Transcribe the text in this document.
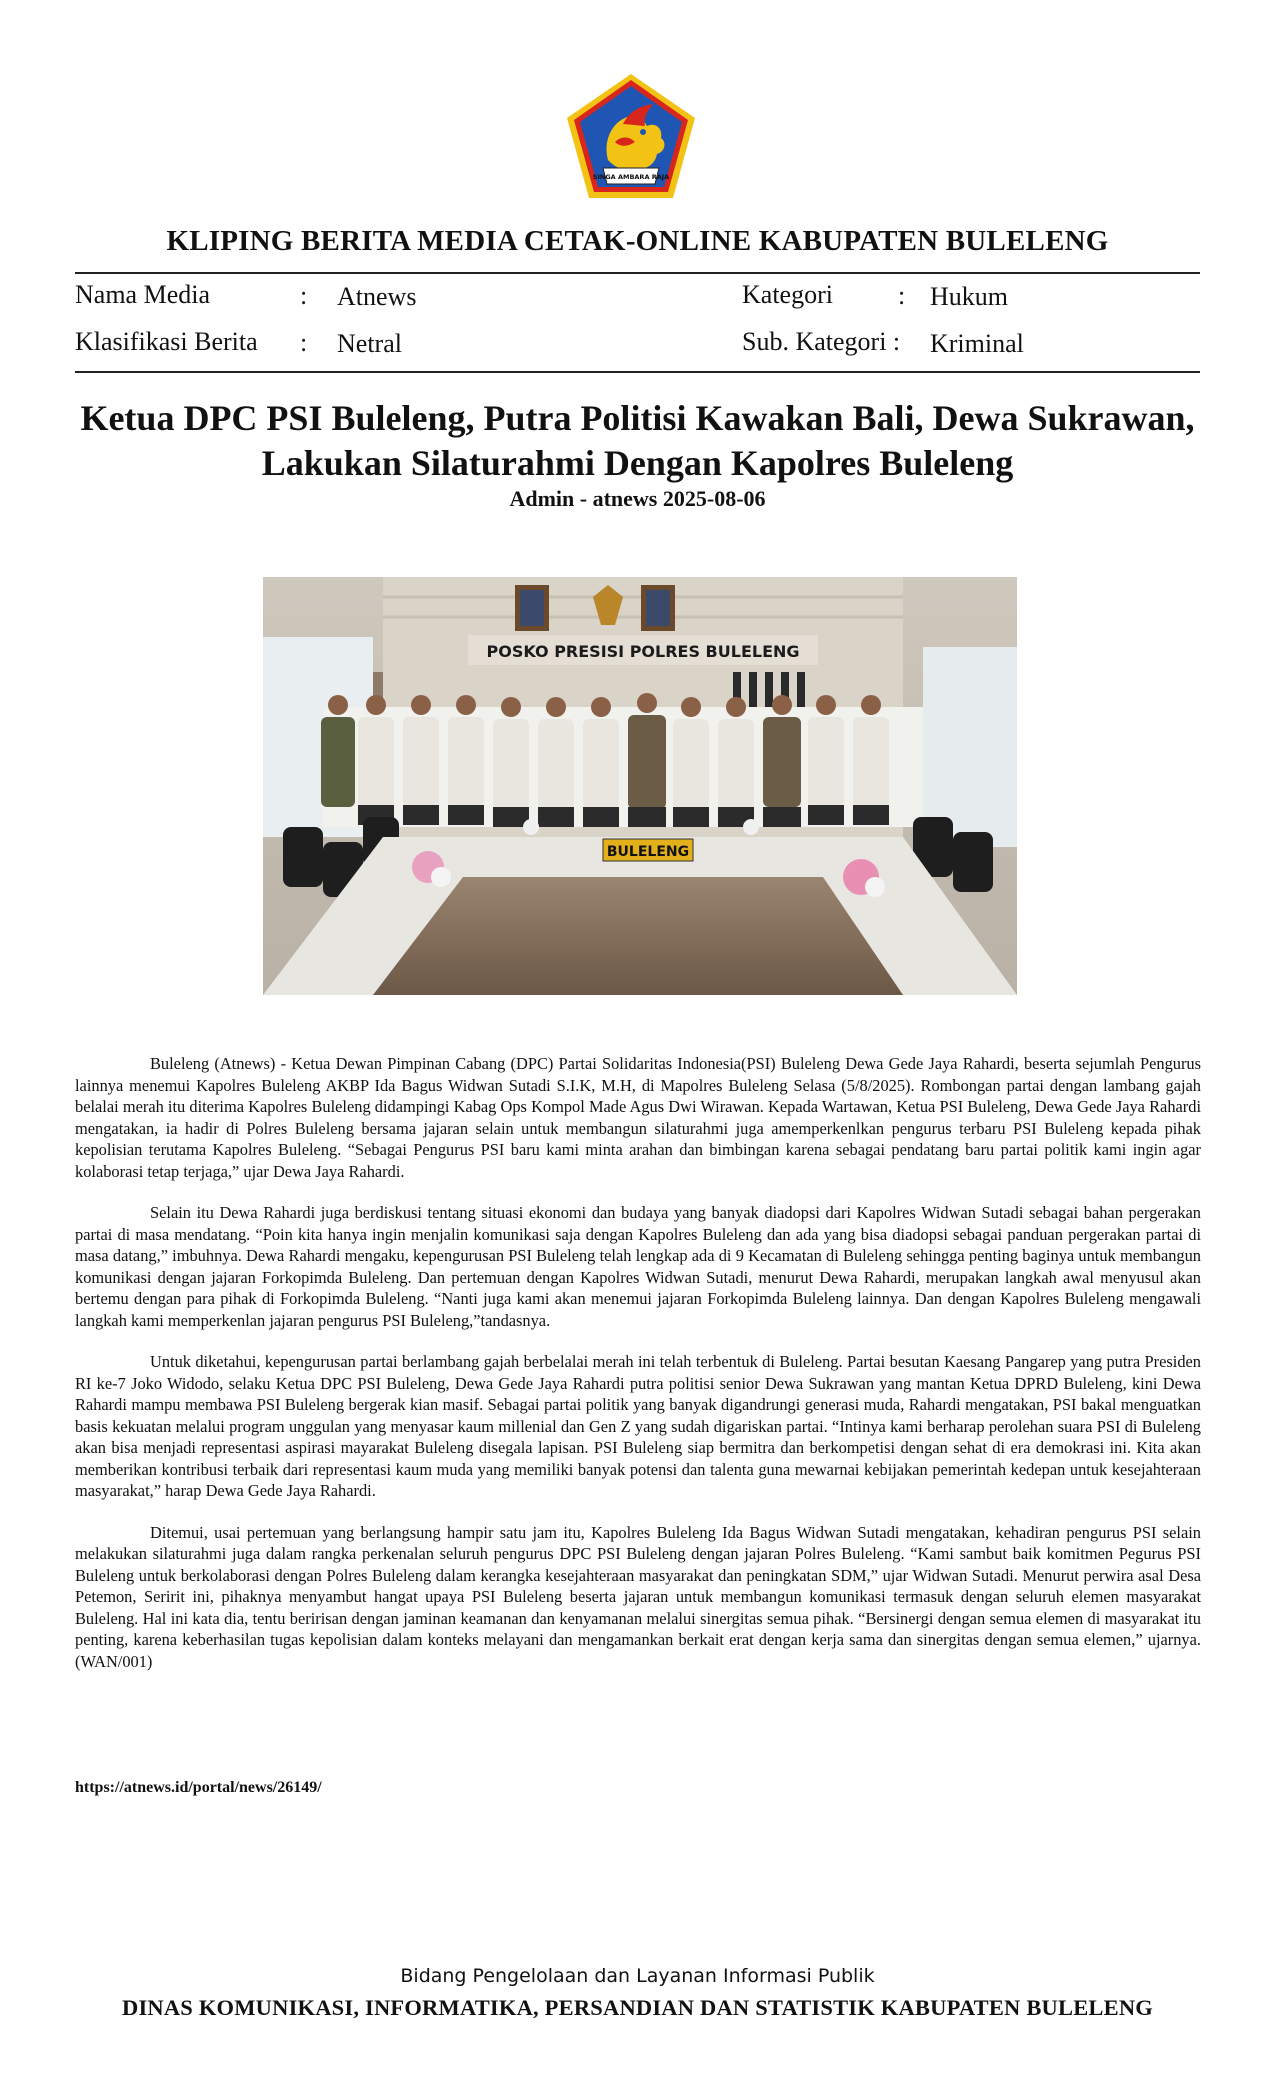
SINGA AMBARA RAJA
KLIPING BERITA MEDIA CETAK-ONLINE KABUPATEN BULELENG
Nama Media	: Atnews	Kategori	: Hukum
Klasifikasi Berita : Netral	Sub. Kategori : Kriminal
Ketua DPC PSI Buleleng, Putra Politisi Kawakan Bali, Dewa Sukrawan,
Lakukan Silaturahmi Dengan Kapolres Buleleng
Admin - atnews 2025-08-06
POSKO PRESISI POLRES BULELENG
BULELENG

Buleleng (Atnews) - Ketua Dewan Pimpinan Cabang (DPC) Partai Solidaritas Indonesia(PSI) Buleleng Dewa Gede Jaya Rahardi, beserta sejumlah Pengurus lainnya menemui Kapolres Buleleng AKBP Ida Bagus Widwan Sutadi S.I.K, M.H, di Mapolres Buleleng Selasa (5/8/2025). Rombongan partai dengan lambang gajah belalai merah itu diterima Kapolres Buleleng didampingi Kabag Ops Kompol Made Agus Dwi Wirawan. Kepada Wartawan, Ketua PSI Buleleng, Dewa Gede Jaya Rahardi mengatakan, ia hadir di Polres Buleleng bersama jajaran selain untuk membangun silaturahmi juga amemperkenlkan pengurus terbaru PSI Buleleng kepada pihak kepolisian terutama Kapolres Buleleng. “Sebagai Pengurus PSI baru kami minta arahan dan bimbingan karena sebagai pendatang baru partai politik kami ingin agar kolaborasi tetap terjaga,” ujar Dewa Jaya Rahardi.

Selain itu Dewa Rahardi juga berdiskusi tentang situasi ekonomi dan budaya yang banyak diadopsi dari Kapolres Widwan Sutadi sebagai bahan pergerakan partai di masa mendatang. “Poin kita hanya ingin menjalin komunikasi saja dengan Kapolres Buleleng dan ada yang bisa diadopsi sebagai panduan pergerakan partai di masa datang,” imbuhnya. Dewa Rahardi mengaku, kepengurusan PSI Buleleng telah lengkap ada di 9 Kecamatan di Buleleng sehingga penting baginya untuk membangun komunikasi dengan jajaran Forkopimda Buleleng. Dan pertemuan dengan Kapolres Widwan Sutadi, menurut Dewa Rahardi, merupakan langkah awal menyusul akan bertemu dengan para pihak di Forkopimda Buleleng. “Nanti juga kami akan menemui jajaran Forkopimda Buleleng lainnya. Dan dengan Kapolres Buleleng mengawali langkah kami memperkenlan jajaran pengurus PSI Buleleng,”tandasnya.

Untuk diketahui, kepengurusan partai berlambang gajah berbelalai merah ini telah terbentuk di Buleleng. Partai besutan Kaesang Pangarep yang putra Presiden RI ke-7 Joko Widodo, selaku Ketua DPC PSI Buleleng, Dewa Gede Jaya Rahardi putra politisi senior Dewa Sukrawan yang mantan Ketua DPRD Buleleng, kini Dewa Rahardi mampu membawa PSI Buleleng bergerak kian masif. Sebagai partai politik yang banyak digandrungi generasi muda, Rahardi mengatakan, PSI bakal menguatkan basis kekuatan melalui program unggulan yang menyasar kaum millenial dan Gen Z yang sudah digariskan partai. “Intinya kami berharap perolehan suara PSI di Buleleng akan bisa menjadi representasi aspirasi mayarakat Buleleng disegala lapisan. PSI Buleleng siap bermitra dan berkompetisi dengan sehat di era demokrasi ini. Kita akan memberikan kontribusi terbaik dari representasi kaum muda yang memiliki banyak potensi dan talenta guna mewarnai kebijakan pemerintah kedepan untuk kesejahteraan masyarakat,” harap Dewa Gede Jaya Rahardi.

Ditemui, usai pertemuan yang berlangsung hampir satu jam itu, Kapolres Buleleng Ida Bagus Widwan Sutadi mengatakan, kehadiran pengurus PSI selain melakukan silaturahmi juga dalam rangka perkenalan seluruh pengurus DPC PSI Buleleng dengan jajaran Polres Buleleng. “Kami sambut baik komitmen Pegurus PSI Buleleng untuk berkolaborasi dengan Polres Buleleng dalam kerangka kesejahteraan masyarakat dan peningkatan SDM,” ujar Widwan Sutadi. Menurut perwira asal Desa Petemon, Seririt ini, pihaknya menyambut hangat upaya PSI Buleleng beserta jajaran untuk membangun komunikasi termasuk dengan seluruh elemen masyarakat Buleleng. Hal ini kata dia, tentu beririsan dengan jaminan keamanan dan kenyamanan melalui sinergitas semua pihak. “Bersinergi dengan semua elemen di masyarakat itu penting, karena keberhasilan tugas kepolisian dalam konteks melayani dan mengamankan berkait erat dengan kerja sama dan sinergitas dengan semua elemen,” ujarnya. (WAN/001)

https://atnews.id/portal/news/26149/
Bidang Pengelolaan dan Layanan Informasi Publik
DINAS KOMUNIKASI, INFORMATIKA, PERSANDIAN DAN STATISTIK KABUPATEN BULELENG
